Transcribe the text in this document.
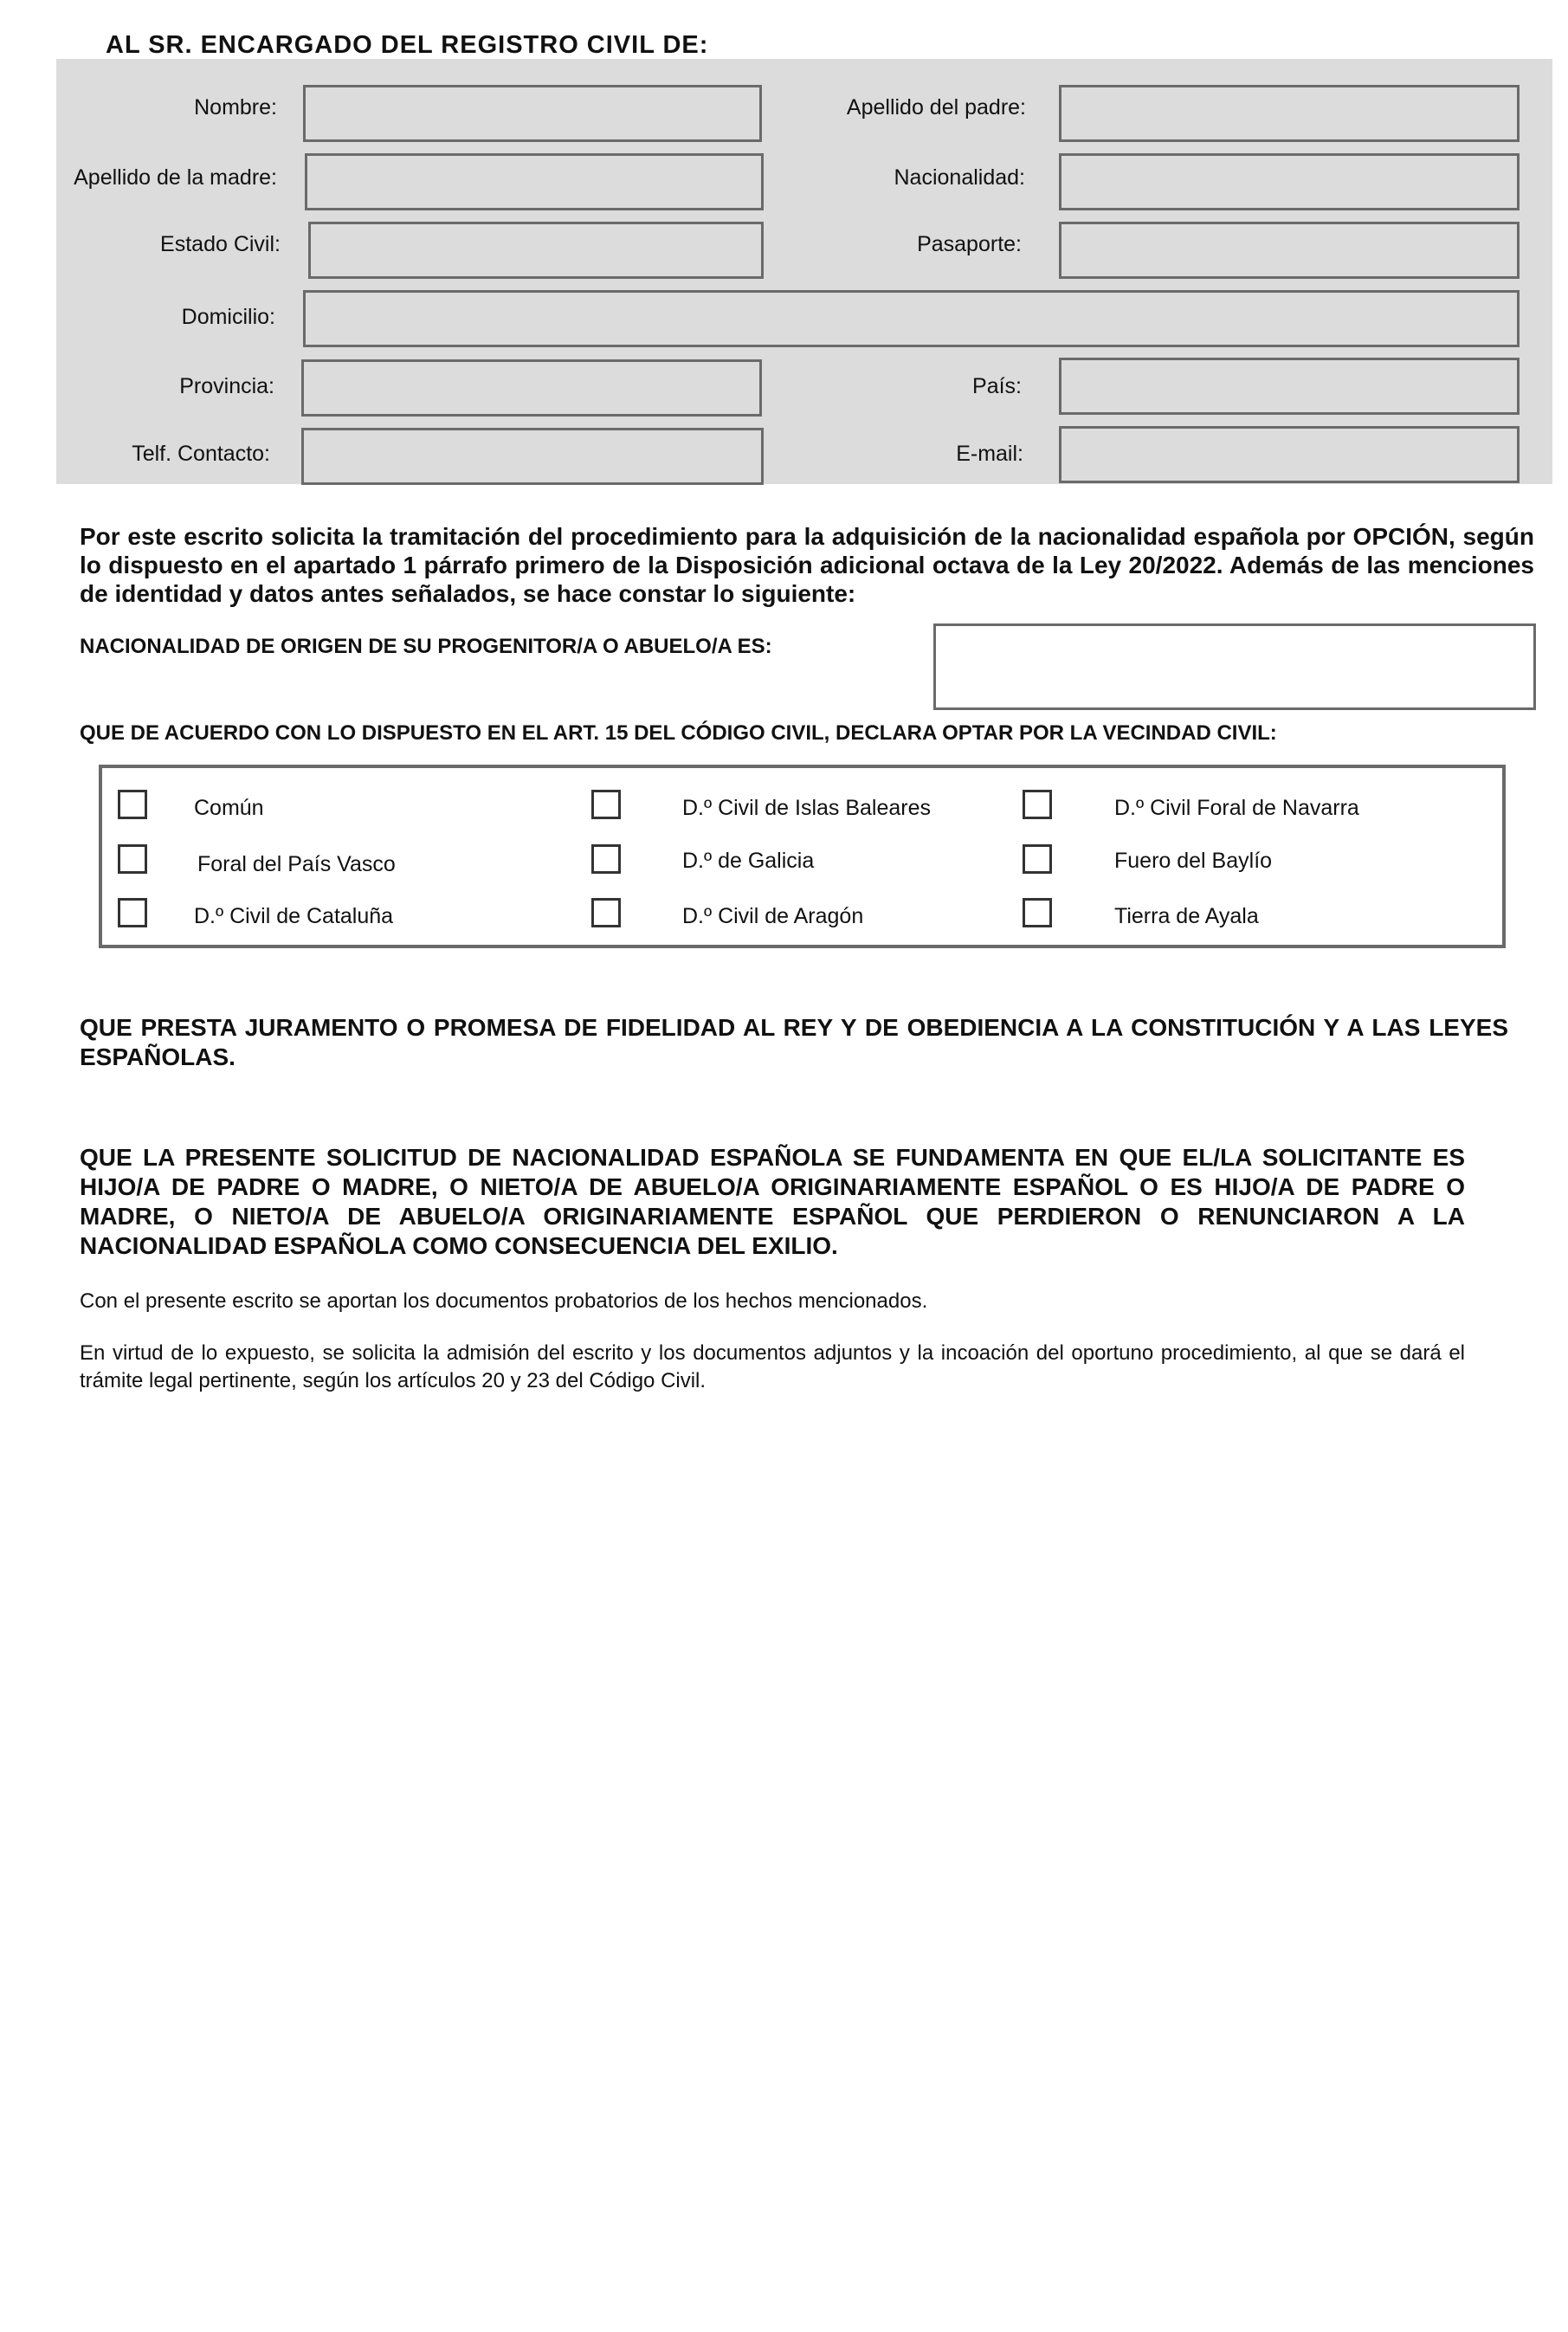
AL SR. ENCARGADO DEL REGISTRO CIVIL DE:
Nombre:	Apellido del padre:
Apellido de la madre:	Nacionalidad:
Estado Civil:	Pasaporte:
Domicilio:
Provincia:	País:
Telf. Contacto:	E-mail:
Por este escrito solicita la tramitación del procedimiento para la adquisición de la nacionalidad española por OPCIÓN, según lo dispuesto en el apartado 1 párrafo primero de la Disposición adicional octava de la Ley 20/2022. Además de las menciones de identidad y datos antes señalados, se hace constar lo siguiente:
NACIONALIDAD DE ORIGEN DE SU PROGENITOR/A O ABUELO/A ES:
QUE DE ACUERDO CON LO DISPUESTO EN EL ART. 15 DEL CÓDIGO CIVIL, DECLARA OPTAR POR LA VECINDAD CIVIL:
Común	D.º Civil de Islas Baleares	D.º Civil Foral de Navarra
Foral del País Vasco	D.º de Galicia	Fuero del Baylío
D.º Civil de Cataluña	D.º Civil de Aragón	Tierra de Ayala
QUE PRESTA JURAMENTO O PROMESA DE FIDELIDAD AL REY Y DE OBEDIENCIA A LA CONSTITUCIÓN Y A LAS LEYES ESPAÑOLAS.
QUE LA PRESENTE SOLICITUD DE NACIONALIDAD ESPAÑOLA SE FUNDAMENTA EN QUE EL/LA SOLICITANTE ES HIJO/A DE PADRE O MADRE, O NIETO/A DE ABUELO/A ORIGINARIAMENTE ESPAÑOL O ES HIJO/A DE PADRE O MADRE, O NIETO/A DE ABUELO/A ORIGINARIAMENTE ESPAÑOL QUE PERDIERON O RENUNCIARON A LA NACIONALIDAD ESPAÑOLA COMO CONSECUENCIA DEL EXILIO.
Con el presente escrito se aportan los documentos probatorios de los hechos mencionados.
En virtud de lo expuesto, se solicita la admisión del escrito y los documentos adjuntos y la incoación del oportuno procedimiento, al que se dará el trámite legal pertinente, según los artículos 20 y 23 del Código Civil.
